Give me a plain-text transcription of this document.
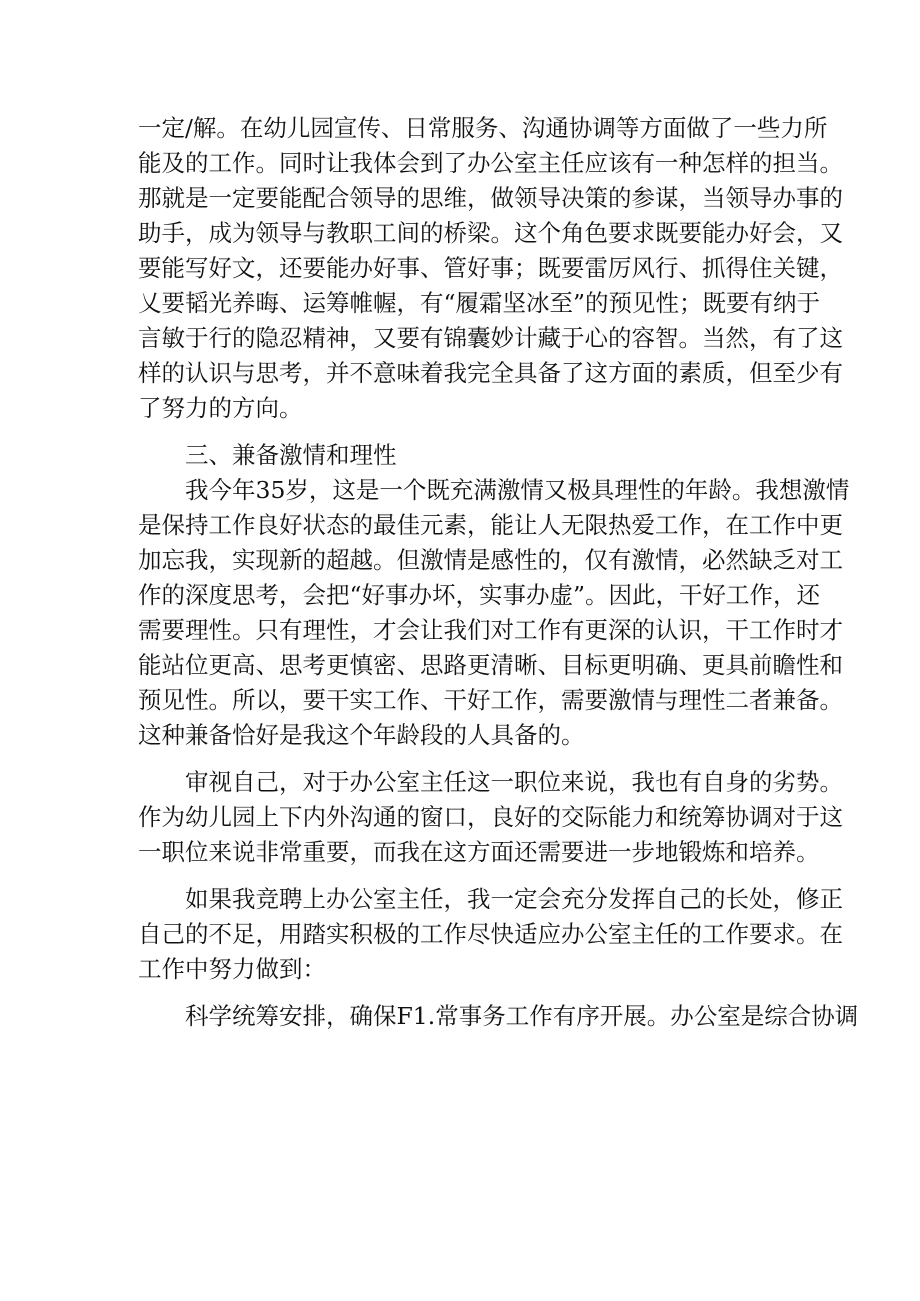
一定/解。在幼儿园宣传、日常服务、沟通协调等方面做了一些力所
能及的工作。同时让我体会到了办公室主任应该有一种怎样的担当。
那就是一定要能配合领导的思维，做领导决策的参谋，当领导办事的
助手，成为领导与教职工间的桥梁。这个角色要求既要能办好会，又
要能写好文，还要能办好事、管好事；既要雷厉风行、抓得住关键，
乂要韬光养晦、运筹帷幄，有“履霜坚冰至”的预见性；既要有纳于
言敏于行的隐忍精神，又要有锦囊妙计藏于心的容智。当然，有了这
样的认识与思考，并不意味着我完全具备了这方面的素质，但至少有
了努力的方向。
三、兼备激情和理性
我今年35岁，这是一个既充满激情又极具理性的年龄。我想激情
是保持工作良好状态的最佳元素，能让人无限热爱工作，在工作中更
加忘我，实现新的超越。但激情是感性的，仅有激情，必然缺乏对工
作的深度思考，会把“好事办坏，实事办虚”。因此，干好工作，还
需要理性。只有理性，才会让我们对工作有更深的认识，干工作时才
能站位更高、思考更慎密、思路更清晰、目标更明确、更具前瞻性和
预见性。所以，要干实工作、干好工作，需要激情与理性二者兼备。
这种兼备恰好是我这个年龄段的人具备的。
审视自己，对于办公室主任这一职位来说，我也有自身的劣势。
作为幼儿园上下内外沟通的窗口，良好的交际能力和统筹协调对于这
一职位来说非常重要，而我在这方面还需要进一步地锻炼和培养。
如果我竞聘上办公室主任，我一定会充分发挥自己的长处，修正
自己的不足，用踏实积极的工作尽快适应办公室主任的工作要求。在
工作中努力做到：
科学统筹安排，确保F1.常事务工作有序开展。办公室是综合协调
